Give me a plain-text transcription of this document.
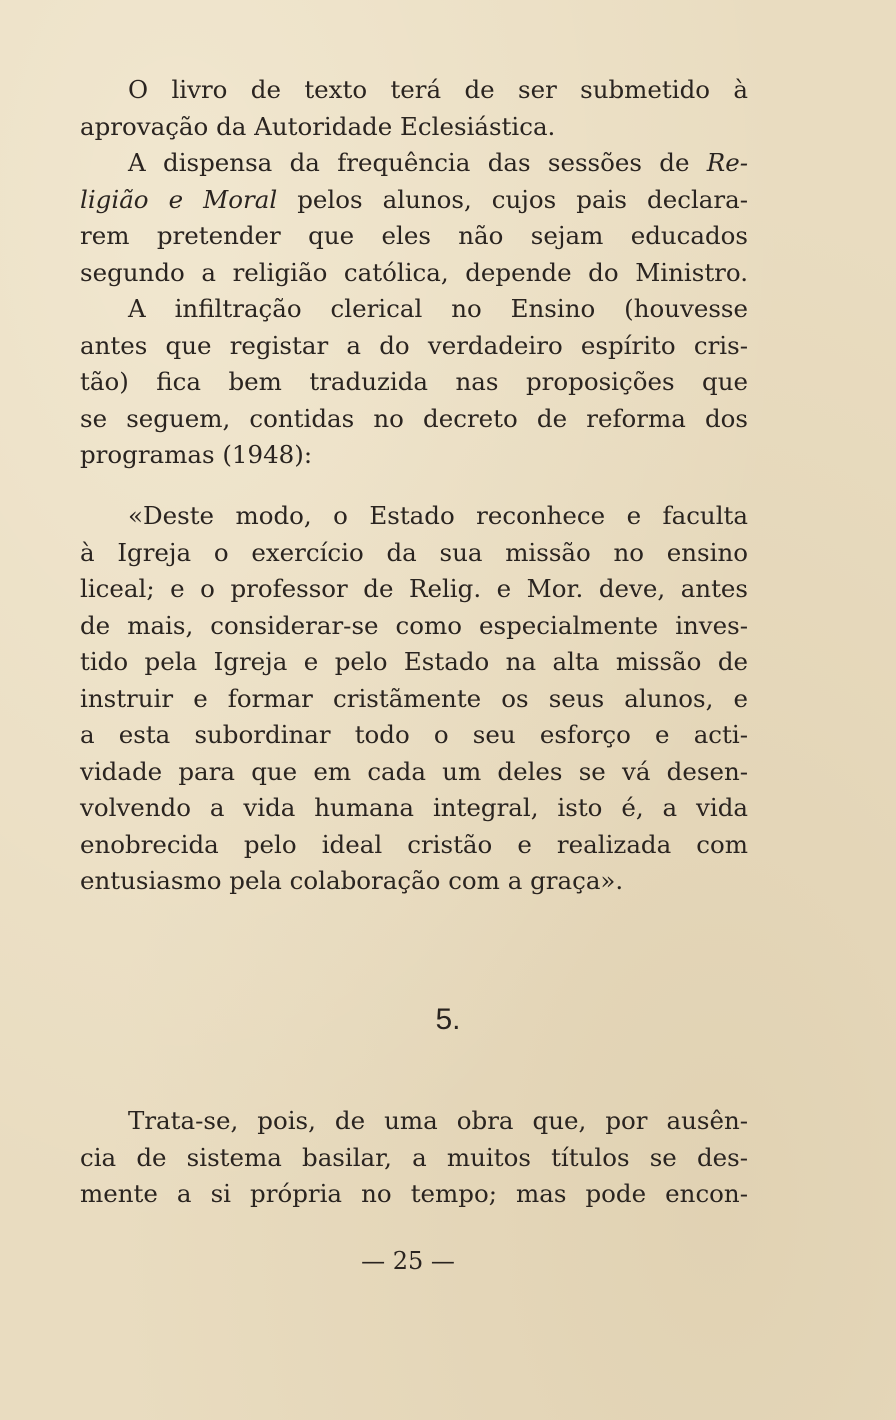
O livro de texto terá de ser submetido à
aprovação da Autoridade Eclesiástica.
A dispensa da frequência das sessões de Re-
ligião e Moral pelos alunos, cujos pais declara-
rem pretender que eles não sejam educados
segundo a religião católica, depende do Ministro.
A infiltração clerical no Ensino (houvesse
antes que registar a do verdadeiro espírito cris-
tão) fica bem traduzida nas proposições que
se seguem, contidas no decreto de reforma dos
programas (1948):
«Deste modo, o Estado reconhece e faculta
à Igreja o exercício da sua missão no ensino
liceal; e o professor de Relig. e Mor. deve, antes
de mais, considerar-se como especialmente inves-
tido pela Igreja e pelo Estado na alta missão de
instruir e formar cristãmente os seus alunos, e
a esta subordinar todo o seu esforço e acti-
vidade para que em cada um deles se vá desen-
volvendo a vida humana integral, isto é, a vida
enobrecida pelo ideal cristão e realizada com
entusiasmo pela colaboração com a graça».
5.
Trata-se, pois, de uma obra que, por ausên-
cia de sistema basilar, a muitos títulos se des-
mente a si própria no tempo; mas pode encon-
— 25 —
